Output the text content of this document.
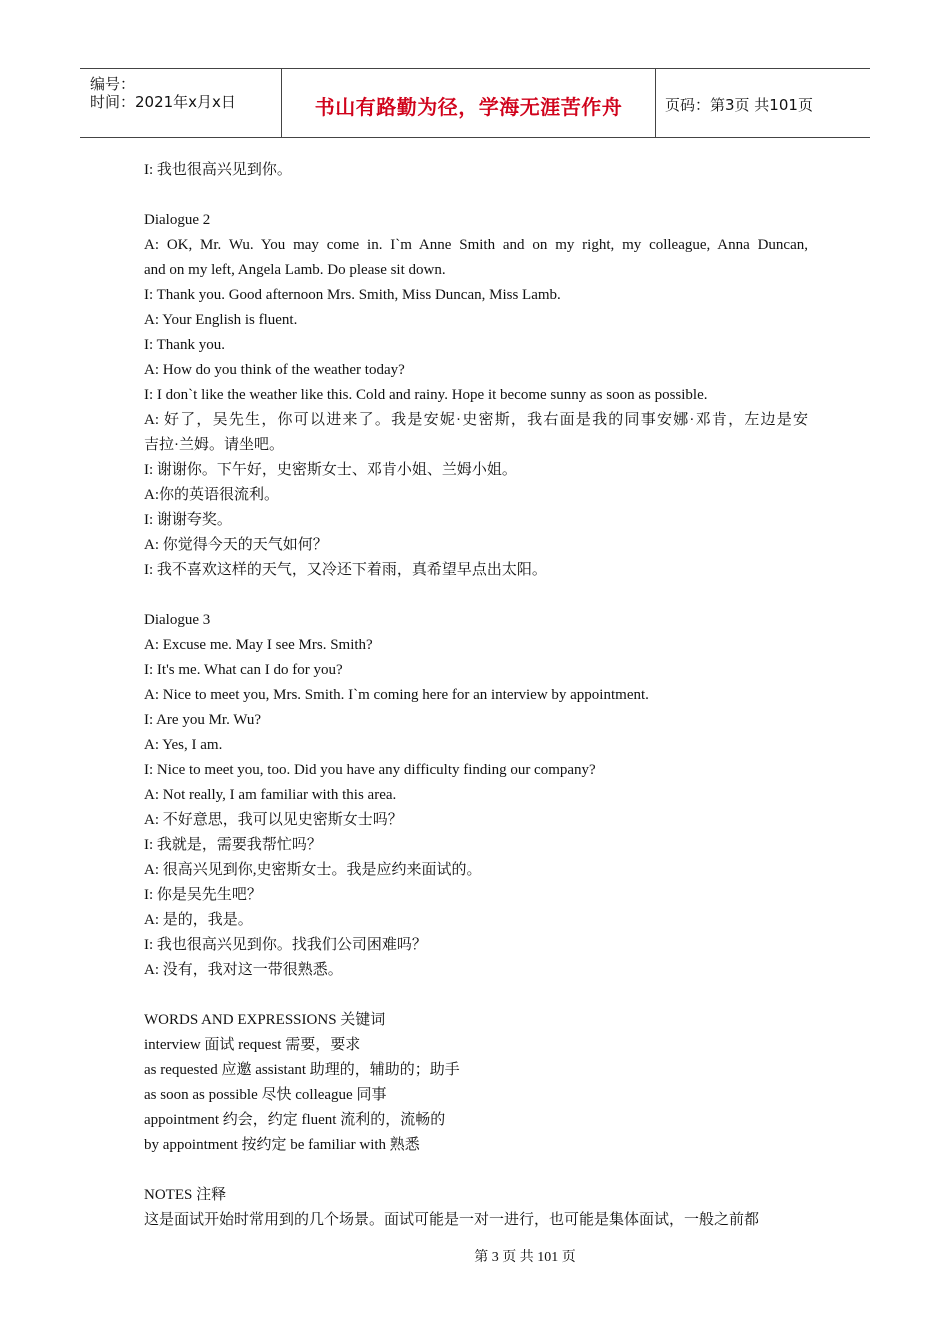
编号：
时间：2021年x月x日	书山有路勤为径，学海无涯苦作舟	页码：第3页 共101页
I: 我也很高兴见到你。
Dialogue 2
A: OK, Mr. Wu. You may come in. I`m Anne Smith and on my right, my colleague, Anna Duncan,
and on my left, Angela Lamb. Do please sit down.
I: Thank you. Good afternoon Mrs. Smith, Miss Duncan, Miss Lamb.
A: Your English is fluent.
I: Thank you.
A: How do you think of the weather today?
I: I don`t like the weather like this. Cold and rainy. Hope it become sunny as soon as possible.
A: 好了，吴先生，你可以进来了。我是安妮·史密斯，我右面是我的同事安娜·邓肯，左边是安
吉拉·兰姆。请坐吧。
I: 谢谢你。下午好，史密斯女士、邓肯小姐、兰姆小姐。
A:你的英语很流利。
I: 谢谢夸奖。
A: 你觉得今天的天气如何？
I: 我不喜欢这样的天气，又冷还下着雨，真希望早点出太阳。
Dialogue 3
A: Excuse me. May I see Mrs. Smith?
I: It's me. What can I do for you?
A: Nice to meet you, Mrs. Smith. I`m coming here for an interview by appointment.
I: Are you Mr. Wu?
A: Yes, I am.
I: Nice to meet you, too. Did you have any difficulty finding our company?
A: Not really, I am familiar with this area.
A: 不好意思，我可以见史密斯女士吗？
I: 我就是，需要我帮忙吗？
A: 很高兴见到你,史密斯女士。我是应约来面试的。
I: 你是吴先生吧？
A: 是的，我是。
I: 我也很高兴见到你。找我们公司困难吗？
A: 没有，我对这一带很熟悉。
WORDS AND EXPRESSIONS 关键词
interview 面试 request 需要，要求
as requested 应邀 assistant 助理的，辅助的；助手
as soon as possible 尽快 colleague 同事
appointment 约会，约定 fluent 流利的，流畅的
by appointment 按约定 be familiar with 熟悉
NOTES 注释
这是面试开始时常用到的几个场景。面试可能是一对一进行，也可能是集体面试，一般之前都
第 3 页 共 101 页
